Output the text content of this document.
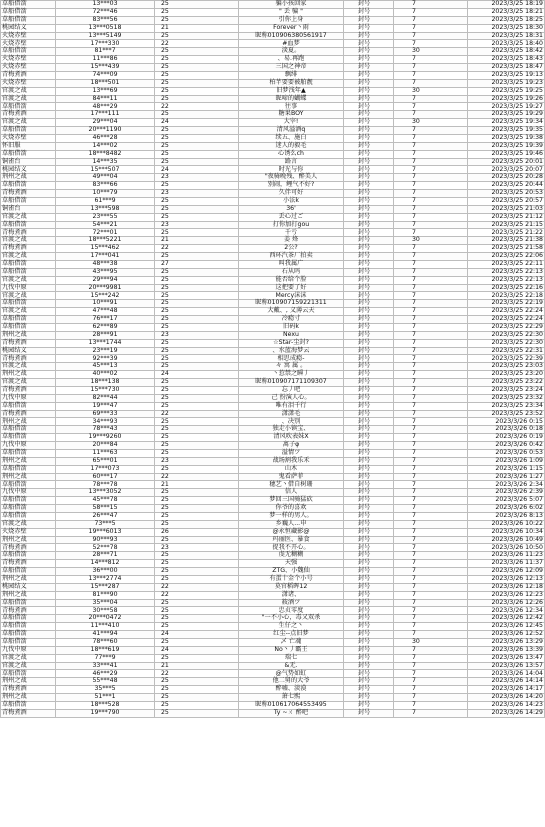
草船借箭	13***03	25	骗小孩回家	封号	7	2023/3/25 18:19
草船借箭	72***46	25	" 丢 骗 "	封号	7	2023/3/25 18:21
草船借箭	83***56	25	引你上身	封号	7	2023/3/25 18:25
桃园结义	13***0518	21	Forever丶雨	封号	7	2023/3/25 18:30
火烧赤壁	13***5149	25	昵称010906380561917	封号	7	2023/3/25 18:31
火烧赤壁	17***330	22	#血梦	封号	7	2023/3/25 18:40
草船借箭	81***7	25	淡夏。	封号	30	2023/3/25 18:42
火烧赤壁	11***86	25	、易.再跑	封号	7	2023/3/25 18:43
火烧赤壁	15***439	25	三国之神帝	封号	7	2023/3/25 18:47
青梅煮酒	74***09	25	飘绯	封号	7	2023/3/25 19:13
火烧赤壁	18***501	25	柏芊要要被舶靓	封号	7	2023/3/25 19:23
官渡之战	13***69	25	旧梦浅年▲	封号	30	2023/3/25 19:25
官渡之战	84***11	25	昵啼的蝴蝶	封号	7	2023/3/25 19:26
草船借箭	48***29	22	往事	封号	7	2023/3/25 19:27
青梅煮酒	17***111	25	糖果BOY	封号	7	2023/3/25 19:29
官渡之战	29***04	24	大宰!	封号	30	2023/3/25 19:34
草船借箭	20***1190	25	清风溢酒q	封号	7	2023/3/25 19:35
火烧赤壁	46***28	25	续五、施白	封号	7	2023/3/25 19:38
怀旧服	14***02	25	迷人的毅毛	封号	7	2023/3/25 19:39
草船借箭	18***8482	25	心诱么ch	封号	7	2023/3/25 19:46
铜雀台	14***35	25	路言	封号	7	2023/3/25 20:01
桃园结义	15***507	24	时光与你	封号	7	2023/3/25 20:07
荆州之战	49***04	23	"夜骑晚残、醉美人	封号	7	2023/3/25 20:28
草船借箭	83***66	25	别闹，鲤气不好?	封号	7	2023/3/25 20:44
青梅煮酒	10***79	23	久伴可好	封号	7	2023/3/25 20:53
草船借箭	61***9	25	小泫k	封号	7	2023/3/25 20:57
铜雀台	13***598	25	36'	封号	7	2023/3/25 21:03
官渡之战	23***55	25	丢心过ご	封号	7	2023/3/25 21:12
草船借箭	54***21	23	打你加打gou	封号	7	2023/3/25 21:15
青梅煮酒	72***01	25	千亏	封号	7	2023/3/25 21:22
官渡之战	18***5221	21	姜 烽	封号	30	2023/3/25 21:38
青梅煮酒	15***462	22	2公?	封号	7	2023/3/25 21:58
官渡之战	17***041	25	西环汽茶厂拍卖	封号	7	2023/3/25 22:06
草船借箭	48***38	27	叫我属广	封号	7	2023/3/25 22:11
草船借箭	43***95	25	石从吗	封号	7	2023/3/25 22:13
官渡之战	29***94	25	能否给个脸	封号	7	2023/3/25 22:13
九伐中原	20***9981	25	这把要了好	封号	7	2023/3/25 22:16
官渡之战	15***242	25	Mercy沫沫	封号	7	2023/3/25 22:18
草船借箭	10***91	25	昵称010907159221311	封号	7	2023/3/25 22:19
官渡之战	47***48	25	大戴、, 义薄云天	封号	7	2023/3/25 22:24
草船借箭	76***17	25	冷瘾寸	封号	7	2023/3/25 22:24
草船借箭	62***89	25	旧码k	封号	7	2023/3/25 22:29
荆州之战	28***91	23	Nexu	封号	7	2023/3/25 22:30
青梅煮酒	13***1744	25	☆Star-尘封?	封号	7	2023/3/25 22:30
桃园结义	23***19	25	、水蓝海梦云	封号	7	2023/3/25 22:31
青梅煮酒	92***39	25	相思成瘾-	封号	7	2023/3/25 22:39
官渡之战	45***13	25	々 寓 属 。	封号	7	2023/3/25 23:03
荆州之战	40***02	24	丶惹禁之瞬丿	封号	7	2023/3/25 23:20
官渡之战	18***138	25	昵称010907171109307	封号	7	2023/3/25 23:22
青梅煮酒	15***730	25	忘丿吧	封号	7	2023/3/25 23:24
九伐中原	82***44	25	己 扮演人心。	封号	7	2023/3/25 23:32
草船借箭	19***47	25	唯有泪千行	封号	7	2023/3/25 23:34
青梅煮酒	69***33	22	潇潇毛	封号	7	2023/3/25 23:52
荆州之战	34***93	25	、决别	封号	7	2023/3/26 0:15
草船借箭	78***43	25	独走小镇宝、	封号	7	2023/3/26 0:18
草船借箭	19***9260	25	清风吹表妹X	封号	7	2023/3/26 0:19
九伐中原	20***84	25	离子φ	封号	7	2023/3/26 0:42
草船借箭	11***63	25	溢情ツ	封号	7	2023/3/26 0:53
荆州之战	65***01	23	战场割我乐禾	封号	7	2023/3/26 1:09
草船借箭	17***073	25	山木	封号	7	2023/3/26 1:15
荆州之战	60***17	22	鬼看萨菲	封号	7	2023/3/26 1:27
草船借箭	78***78	21	穗艺丶借自树珊	封号	7	2023/3/26 2:34
九伐中原	13***3052	25	信人	封号	7	2023/3/26 2:39
草船借箭	45***78	25	梦回三国骑猛砍	封号	7	2023/3/26 5:07
草船借箭	58***15	25	你爷的喜欢	封号	7	2023/3/26 6:02
草船借箭	26***47	25	梦一样的男人。	封号	7	2023/3/26 8:13
官渡之战	73***5	25	乡巍人...申	封号	7	2023/3/26 10:22
火烧赤壁	19***6013	26	@永恒藏影@	封号	7	2023/3/26 10:34
荆州之战	90***93	25	玛丽医、暴食	封号	7	2023/3/26 10:49
青梅煮酒	52***78	23	捉我不开心。	封号	7	2023/3/26 10:50
草船借箭	28***71	25	虔无糊糊	封号	7	2023/3/26 11:23
青梅煮酒	14***812	25	天强	封号	7	2023/3/26 11:37
草船借箭	36***00	25	ZTG、小魏仙	封号	7	2023/3/26 12:09
荆州之战	13***2774	25	有蛋十金个小号	封号	7	2023/3/26 12:13
桃园结义	15***287	22	莫官稻晖12	封号	7	2023/3/26 12:18
荆州之战	81***90	22	潇诸、	封号	7	2023/3/26 12:23
草船借箭	35***04	25	筱酒ツ	封号	7	2023/3/26 12:26
青梅煮酒	30***58	25	忠贞零度	封号	7	2023/3/26 12:34
草船借箭	20***0472	25	"一不小心，毒又双杀	封号	7	2023/3/26 12:42
草船借箭	11***410	25	生仔之丶	封号	7	2023/3/26 12:45
草船借箭	41***94	24	红尘--点旧梦	封号	7	2023/3/26 12:52
草船借箭	78***60	25	乄 亡魂	封号	30	2023/3/26 13:29
九伐中原	18***619	24	No丶丿霸王	封号	7	2023/3/26 13:39
官渡之战	77***9	25	瑞七	封号	7	2023/3/26 13:47
官渡之战	33***41	21	&无.	封号	7	2023/3/26 13:57
草船借箭	46***29	22	@气势如虹	封号	7	2023/3/26 14:04
荆州之战	55***48	25	他二舅的大爷	封号	7	2023/3/26 14:14
青梅煮酒	35***5	25	醉嘘、淡漠	封号	7	2023/3/26 14:17
荆州之战	51***1	25	箫七熙	封号	7	2023/3/26 14:20
草船借箭	18***528	25	昵称010617064553495	封号	7	2023/3/26 14:23
青梅煮酒	19***790	25	Ty ~ㄨ 醉吧	封号	7	2023/3/26 14:29
